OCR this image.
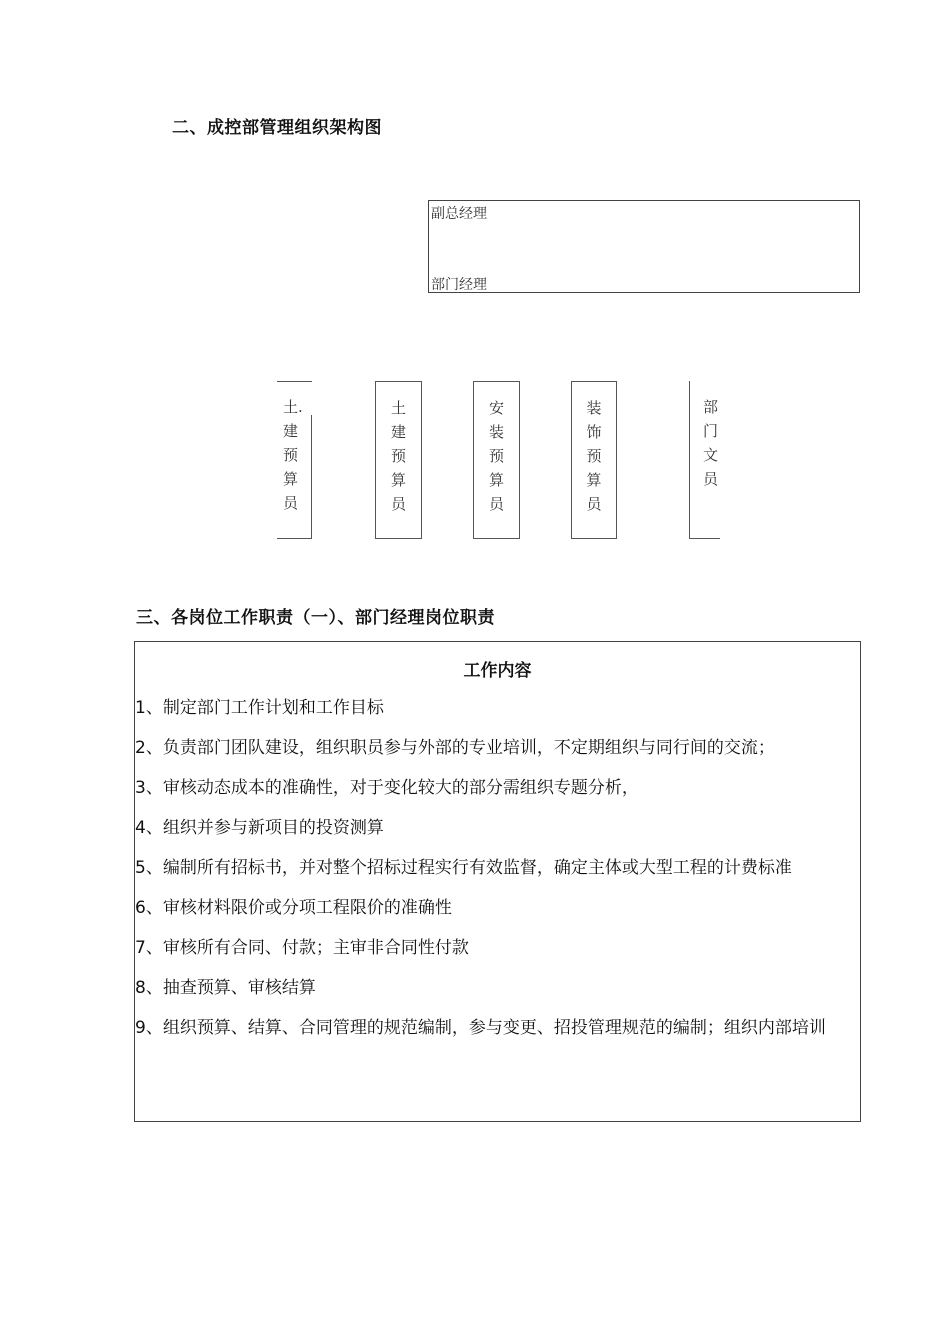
二、成控部管理组织架构图
副总经理
部门经理
土.
建
预
算
员
土
建
预
算
员
安
装
预
算
员
装
饰
预
算
员
部
门
文
员
三、各岗位工作职责（一）、部门经理岗位职责
工作内容
1、制定部门工作计划和工作目标
2、负责部门团队建设，组织职员参与外部的专业培训，不定期组织与同行间的交流；
3、审核动态成本的准确性，对于变化较大的部分需组织专题分析，
4、组织并参与新项目的投资测算
5、编制所有招标书，并对整个招标过程实行有效监督，确定主体或大型工程的计费标准
6、审核材料限价或分项工程限价的准确性
7、审核所有合同、付款；主审非合同性付款
8、抽查预算、审核结算
9、组织预算、结算、合同管理的规范编制，参与变更、招投管理规范的编制；组织内部培训
